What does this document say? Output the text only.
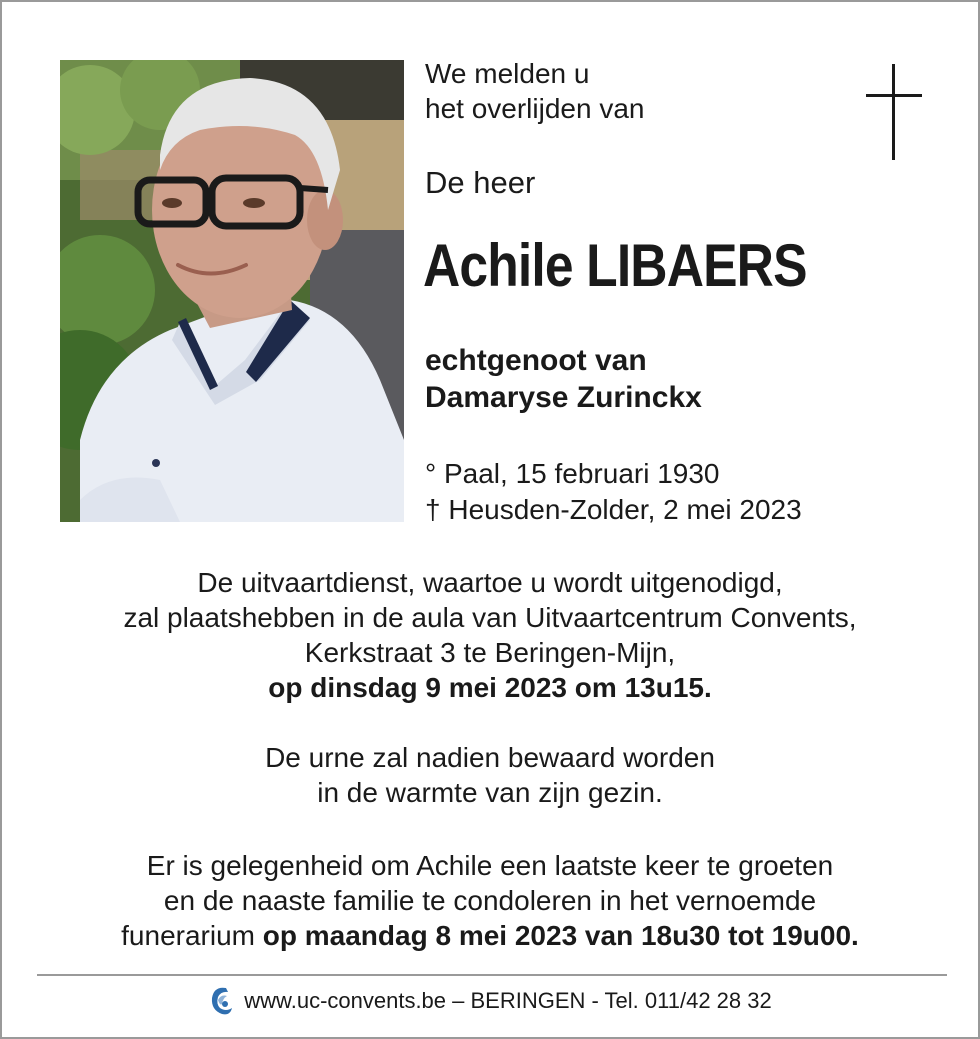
We melden u
het overlijden van
De heer
Achile LIBAERS
echtgenoot van
Damaryse Zurinckx
° Paal, 15 februari 1930
† Heusden-Zolder, 2 mei 2023
De uitvaartdienst, waartoe u wordt uitgenodigd,
zal plaatshebben in de aula van Uitvaartcentrum Convents,
Kerkstraat 3 te Beringen-Mijn,
op dinsdag 9 mei 2023 om 13u15.
De urne zal nadien bewaard worden
in de warmte van zijn gezin.
Er is gelegenheid om Achile een laatste keer te groeten
en de naaste familie te condoleren in het vernoemde
funerarium op maandag 8 mei 2023 van 18u30 tot 19u00.
www.uc-convents.be – BERINGEN - Tel. 011/42 28 32
